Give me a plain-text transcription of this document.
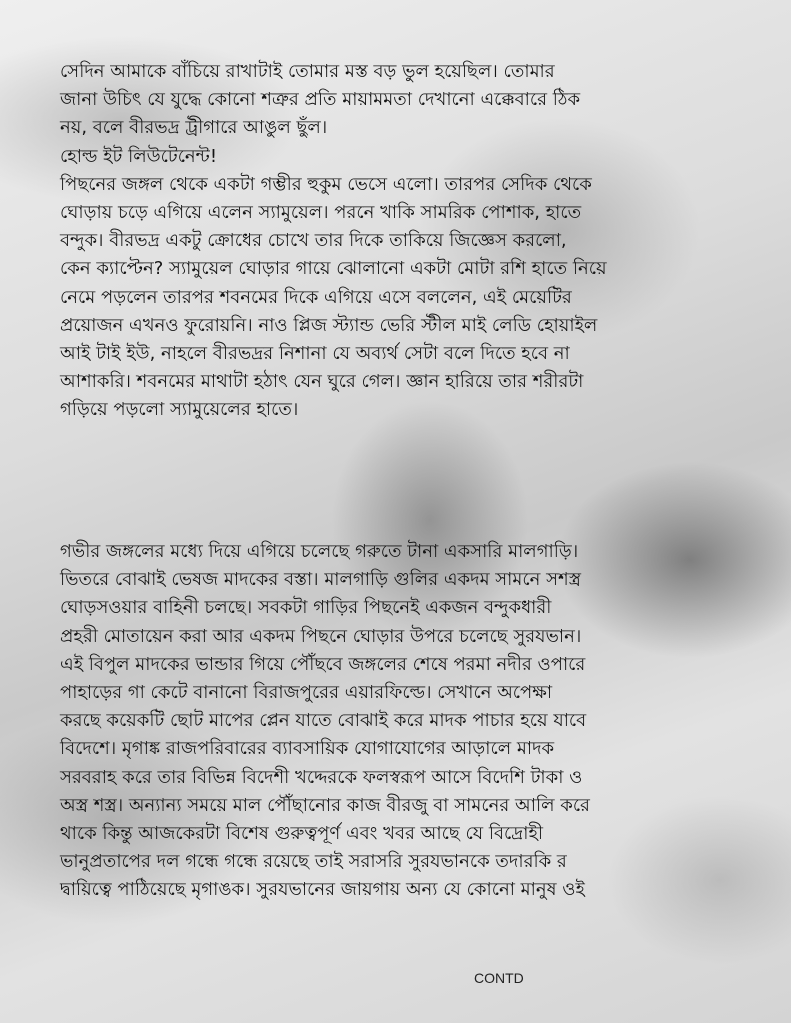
সেদিন আমাকে বাঁচিয়ে রাখাটাই তোমার মস্ত বড় ভুল হয়েছিল। তোমার
জানা উচিৎ যে যুদ্ধে কোনো শত্রুর প্রতি মায়ামমতা দেখানো এক্কেবারে ঠিক
নয়, বলে বীরভদ্র ট্রীগারে আঙুল ছুঁল।
হোল্ড ইট লিউটেনেন্ট!
পিছনের জঙ্গল থেকে একটা গম্ভীর হুকুম ভেসে এলো। তারপর সেদিক থেকে
ঘোড়ায় চড়ে এগিয়ে এলেন স্যামুয়েল। পরনে খাকি সামরিক পোশাক, হাতে
বন্দুক। বীরভদ্র একটু ক্রোধের চোখে তার দিকে তাকিয়ে জিজ্ঞেস করলো,
কেন ক্যাপ্টেন? স্যামুয়েল ঘোড়ার গায়ে ঝোলানো একটা মোটা রশি হাতে নিয়ে
নেমে পড়লেন তারপর শবনমের দিকে এগিয়ে এসে বললেন, এই মেয়েটির
প্রয়োজন এখনও ফুরোয়নি। নাও প্লিজ স্ট্যান্ড ভেরি স্টীল মাই লেডি হোয়াইল
আই টাই ইউ, নাহলে বীরভদ্রর নিশানা যে অব্যর্থ সেটা বলে দিতে হবে না
আশাকরি। শবনমের মাথাটা হঠাৎ যেন ঘুরে গেল। জ্ঞান হারিয়ে তার শরীরটা
গড়িয়ে পড়লো স্যামুয়েলের হাতে।

গভীর জঙ্গলের মধ্যে দিয়ে এগিয়ে চলেছে গরুতে টানা একসারি মালগাড়ি।
ভিতরে বোঝাই ভেষজ মাদকের বস্তা। মালগাড়ি গুলির একদম সামনে সশস্ত্র
ঘোড়সওয়ার বাহিনী চলছে। সবকটা গাড়ির পিছনেই একজন বন্দুকধারী
প্রহরী মোতায়েন করা আর একদম পিছনে ঘোড়ার উপরে চলেছে সুরযভান।
এই বিপুল মাদকের ভান্ডার গিয়ে পৌঁছবে জঙ্গলের শেষে পরমা নদীর ওপারে
পাহাড়ের গা কেটে বানানো বিরাজপুরের এয়ারফিল্ডে। সেখানে অপেক্ষা
করছে কয়েকটি ছোট মাপের প্লেন যাতে বোঝাই করে মাদক পাচার হয়ে যাবে
বিদেশে। মৃগাঙ্ক রাজপরিবারের ব্যাবসায়িক যোগাযোগের আড়ালে মাদক
সরবরাহ করে তার বিভিন্ন বিদেশী খদ্দেরকে ফলস্বরূপ আসে বিদেশি টাকা ও
অস্ত্র শস্ত্র। অন্যান্য সময়ে মাল পৌঁছানোর কাজ বীরজু বা সামনের আলি করে
থাকে কিন্তু আজকেরটা বিশেষ গুরুত্বপূর্ণ এবং খবর আছে যে বিদ্রোহী
ভানুপ্রতাপের দল গন্ধে গন্ধে রয়েছে তাই সরাসরি সুরযভানকে তদারকি র
দ্বায়িত্বে পাঠিয়েছে মৃগাঙক। সুরযভানের জায়গায় অন্য যে কোনো মানুষ ওই

CONTD
